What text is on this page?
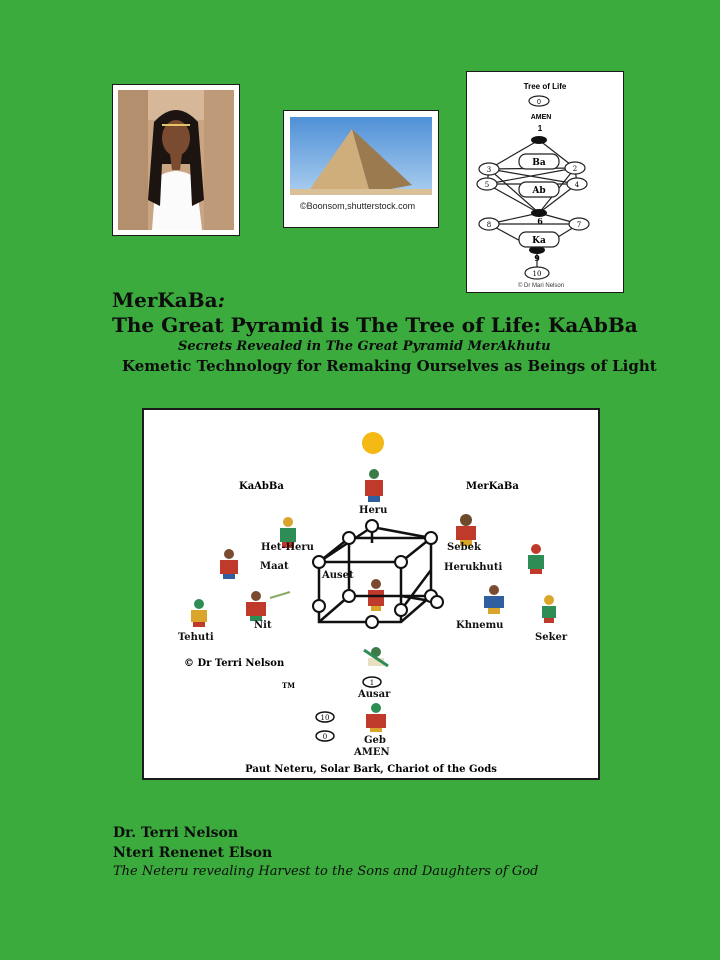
©Boonsom,shutterstock.com
Tree of Life
0
AMEN
1
3	2
5	4
6
8	7
9
10
Ba
Ab
Ka
© Dr Mari Nelson
MerKaBa:
The Great Pyramid is The Tree of Life: KaAbBa
Secrets Revealed in The Great Pyramid MerAkhutu
Kemetic Technology for Remaking Ourselves as Beings of Light
KaAbBa	MerKaBa
Heru
Het-Heru
Maat
Auset
Nit
Tehuti
Sebek
Herukhuti
Khnemu
Seker
Ausar
Geb
AMEN
1
10
0
© Dr Terri Nelson
TM
Paut Neteru, Solar Bark, Chariot of the Gods
Dr. Terri Nelson
Nteri Renenet Elson
The Neteru revealing Harvest to the Sons and Daughters of God
